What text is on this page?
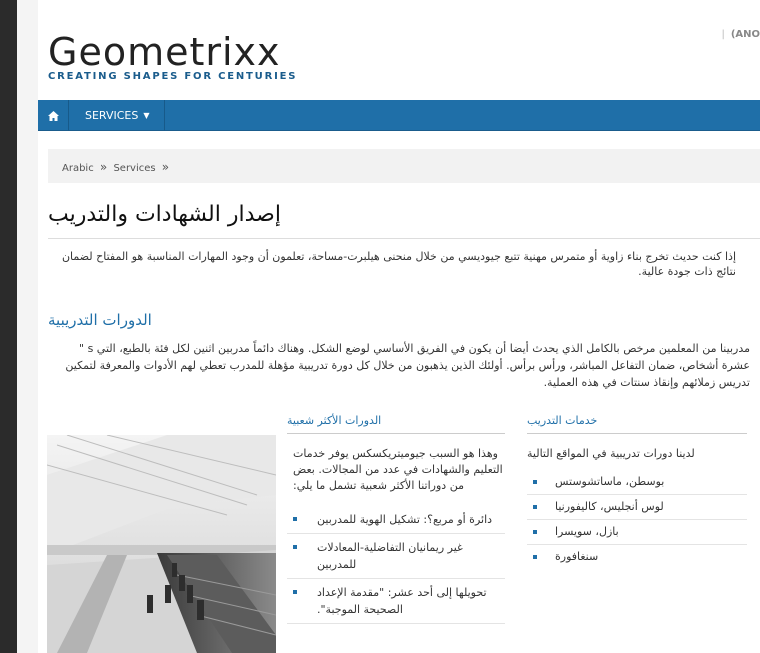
Geometrixx
CREATING SHAPES FOR CENTURIES
| (ANO
SERVICES ▼
Arabic » Services »
إصدار الشهادات والتدريب
إذا كنت حديث تخرج بناء زاوية أو متمرس مهنية تتبع جيوديسي من خلال منحنى هيلبرت-مساحة، تعلمون أن وجود المهارات المناسبة هو المفتاح لضمان نتائج ذات جودة عالية.
الدورات التدريبية
مدربينا من المعلمين مرخص بالكامل الذي يحدث أيضا أن يكون في الفريق الأساسي لوضع الشكل. وهناك دائماً مدربين اثنين لكل فئة بالطبع، التي s " عشرة أشخاص، ضمان التفاعل المباشر، ورأس برأس. أولئك الذين يذهبون من خلال كل دورة تدريبية مؤهلة للمدرب تعطي لهم الأدوات والمعرفة لتمكين تدريس زملائهم وإنقاذ سنتات في هذه العملية.
الدورات الأكثر شعبية
وهذا هو السبب جيوميتريكسكس يوفر خدمات التعليم والشهادات في عدد من المجالات. بعض من دوراتنا الأكثر شعبية تشمل ما يلي:
دائرة أو مربع؟: تشكيل الهوية للمدربين
غير ريمانيان التفاضلية-المعادلات للمدربين
تحويلها إلى أحد عشر: "مقدمة الإعداد الصحيحة الموجبة".
خدمات التدريب
لدينا دورات تدريبية في المواقع التالية
بوسطن، ماساتشوستس
لوس أنجليس، كاليفورنيا
بازل، سويسرا
سنغافورة
